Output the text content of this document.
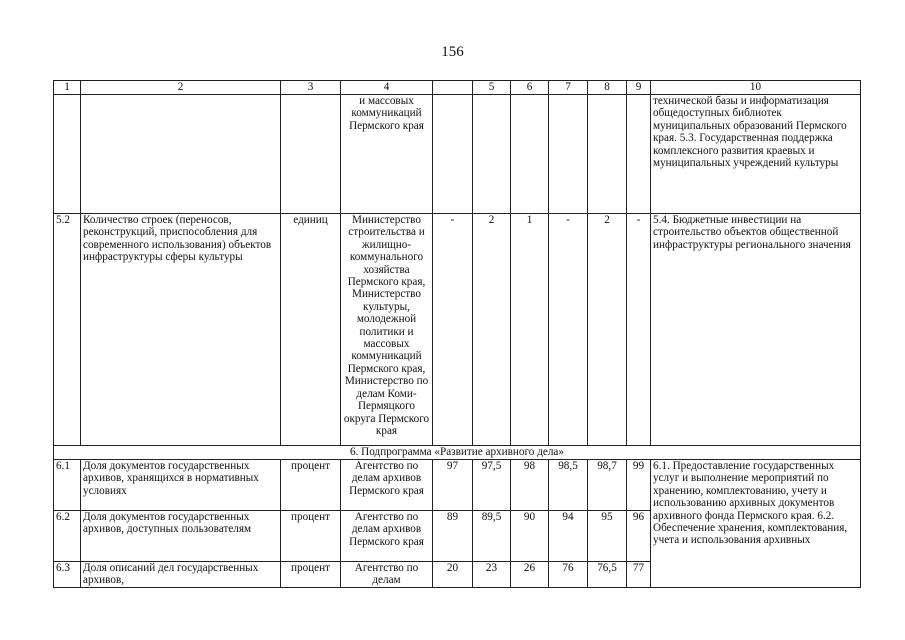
156
1	2	3	4		5	6	7	8	9	10
			и массовых коммуникаций Пермского края							технической базы и информатизация общедоступных библиотек муниципальных образований Пермского края. 5.3. Государственная поддержка комплексного развития краевых и муниципальных учреждений культуры
5.2	Количество строек (переносов, реконструкций, приспособления для современного использования) объектов инфраструктуры сферы культуры	единиц	Министерство строительства и жилищно-коммунального хозяйства Пермского края, Министерство культуры, молодежной политики и массовых коммуникаций Пермского края, Министерство по делам Коми-Пермяцкого округа Пермского края	-	2	1	-	2	-	5.4. Бюджетные инвестиции на строительство объектов общественной инфраструктуры регионального значения
6. Подпрограмма «Развитие архивного дела»										
6.1	Доля документов государственных архивов, хранящихся в нормативных условиях	процент	Агентство по делам архивов Пермского края	97	97,5	98	98,5	98,7	99	6.1. Предоставление государственных услуг и выполнение мероприятий по хранению, комплектованию, учету и использованию архивных документов архивного фонда Пермского края. 6.2. Обеспечение хранения, комплектования, учета и использования архивных
6.2	Доля документов государственных архивов, доступных пользователям	процент	Агентство по делам архивов Пермского края	89	89,5	90	94	95	96	
6.3	Доля описаний дел государственных архивов,	процент	Агентство по делам	20	23	26	76	76,5	77	
